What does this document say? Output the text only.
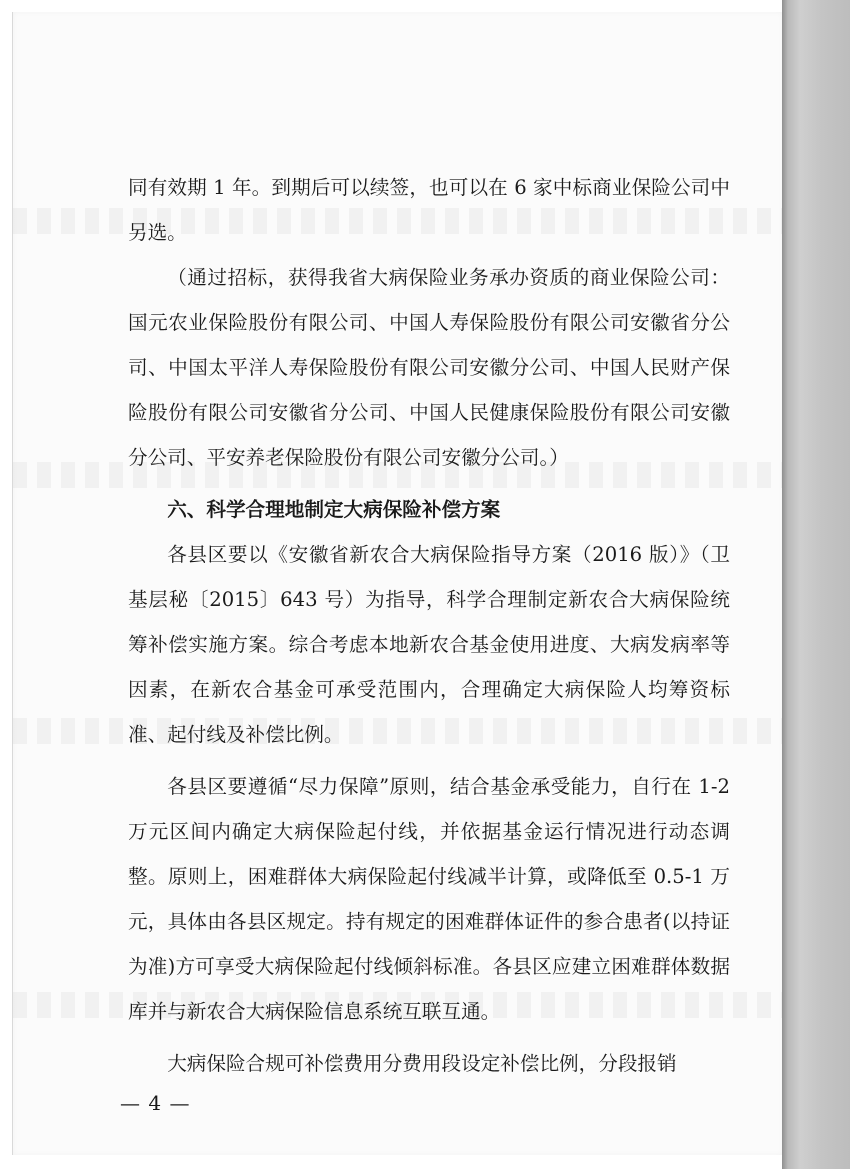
同有效期 1 年。到期后可以续签，也可以在 6 家中标商业保险公司中另选。

（通过招标，获得我省大病保险业务承办资质的商业保险公司：国元农业保险股份有限公司、中国人寿保险股份有限公司安徽省分公司、中国太平洋人寿保险股份有限公司安徽分公司、中国人民财产保险股份有限公司安徽省分公司、中国人民健康保险股份有限公司安徽分公司、平安养老保险股份有限公司安徽分公司。）

六、科学合理地制定大病保险补偿方案

各县区要以《安徽省新农合大病保险指导方案（2016 版）》（卫基层秘〔2015〕643 号）为指导，科学合理制定新农合大病保险统筹补偿实施方案。综合考虑本地新农合基金使用进度、大病发病率等因素，在新农合基金可承受范围内，合理确定大病保险人均筹资标准、起付线及补偿比例。

各县区要遵循“尽力保障”原则，结合基金承受能力，自行在 1-2 万元区间内确定大病保险起付线，并依据基金运行情况进行动态调整。原则上，困难群体大病保险起付线减半计算，或降低至 0.5-1 万元，具体由各县区规定。持有规定的困难群体证件的参合患者(以持证为准)方可享受大病保险起付线倾斜标准。各县区应建立困难群体数据库并与新农合大病保险信息系统互联互通。

大病保险合规可补偿费用分费用段设定补偿比例，分段报销

— 4 —
